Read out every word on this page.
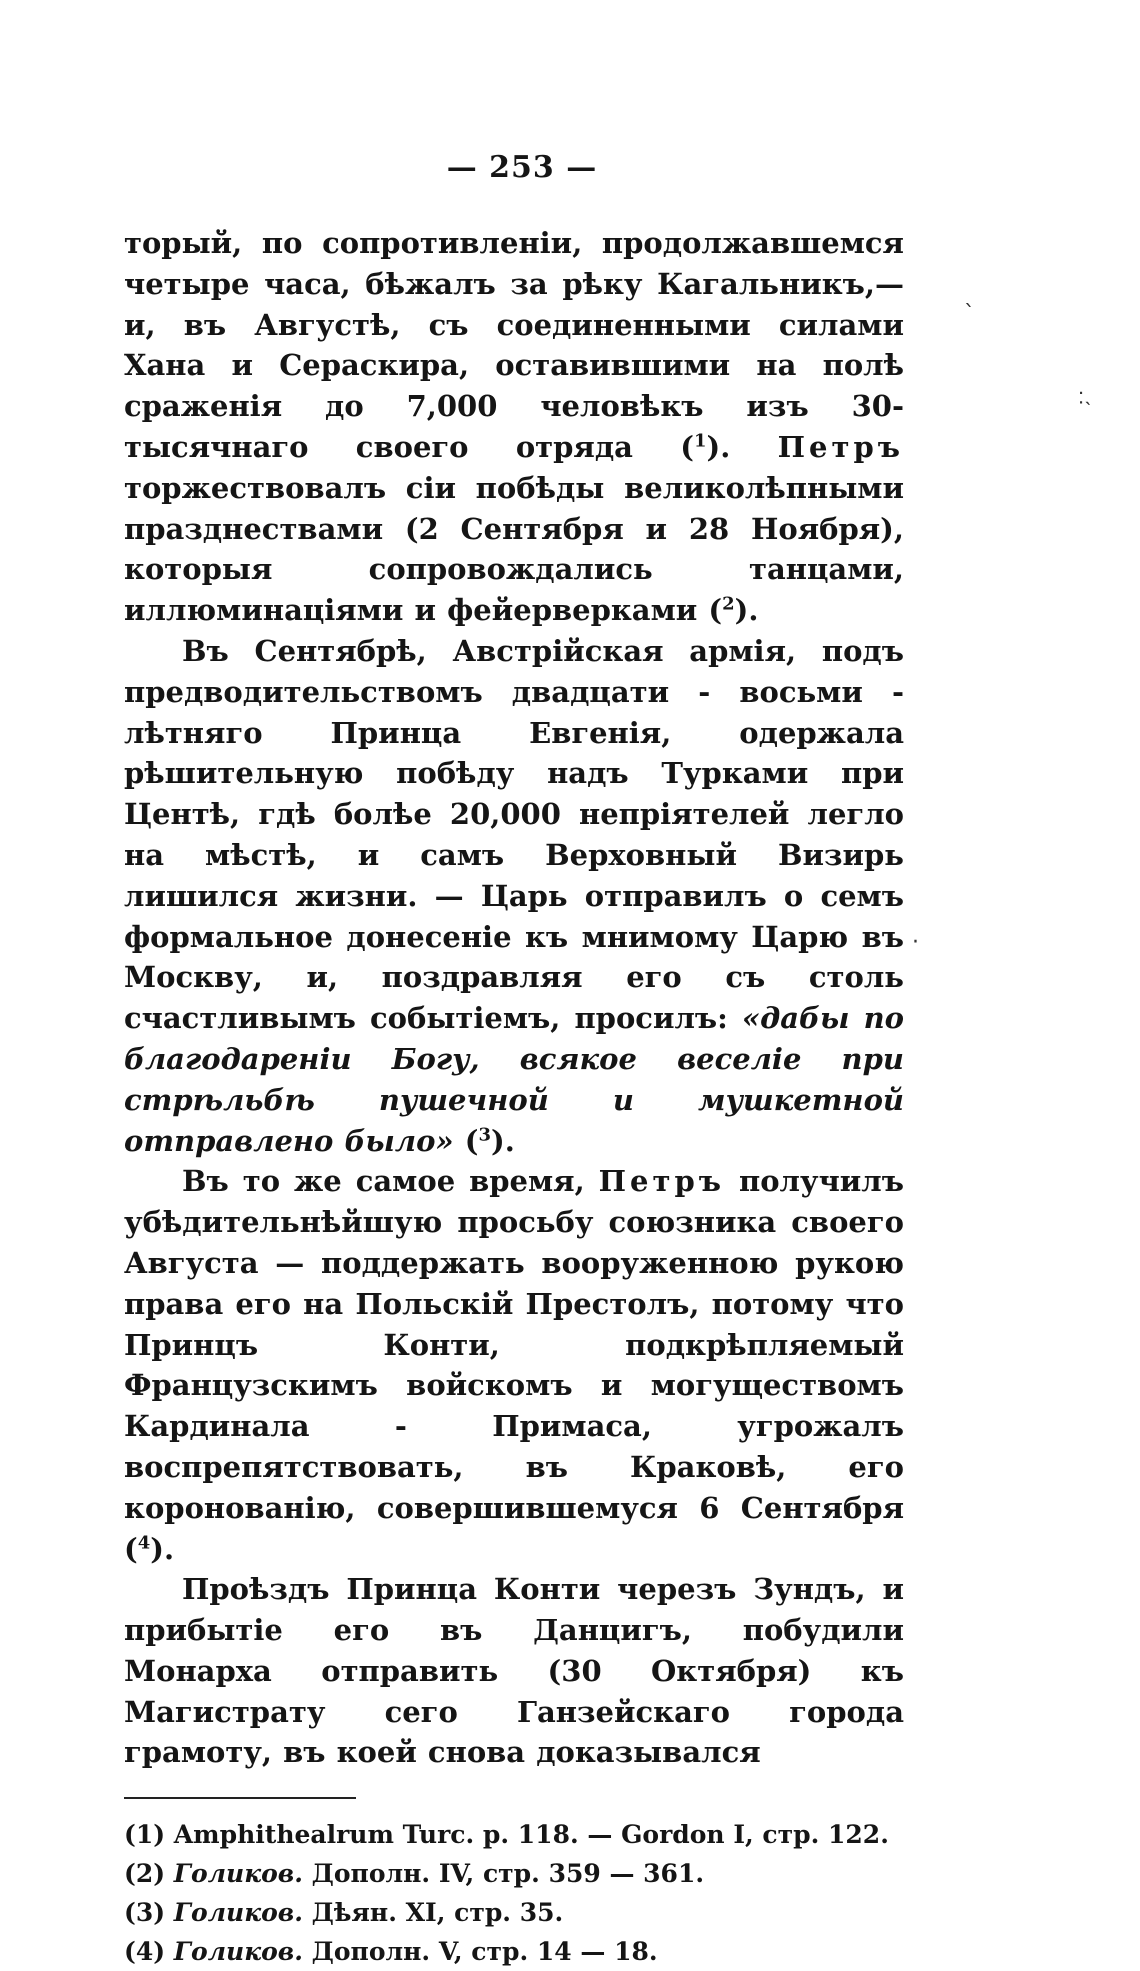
ˋ
˸˴
·
— 253 —

торый, по сопротивленіи, продолжавшемся четыре часа, бѣжалъ за рѣку Кагальникъ,— и, въ Августѣ, съ соединенными силами Хана и Сераскира, оставившими на полѣ сраженія до 7,000 человѣкъ изъ 30-тысячнаго своего отряда ($^1$). Петръ торжествовалъ сіи побѣды великолѣпными празднествами (2 Сентября и 28 Ноября), которыя сопровождались танцами, иллюминаціями и фейерверками ($^2$).

Въ Сентябрѣ, Австрійская армія, подъ предводительствомъ двадцати - восьми - лѣтняго Принца Евгенія, одержала рѣшительную побѣду надъ Турками при Центѣ, гдѣ болѣе 20,000 непріятелей легло на мѣстѣ, и самъ Верховный Визирь лишился жизни. — Царь отправилъ о семъ формальное донесеніе къ мнимому Царю въ Москву, и, поздравляя его съ столь счастливымъ событіемъ, просилъ: «дабы по благодареніи Богу, всякое веселіе при стрѣльбѣ пушечной и мушкетной отправлено было» ($^3$).

Въ то же самое время, Петръ получилъ убѣдительнѣйшую просьбу союзника своего Августа — поддержать вооруженною рукою права его на Польскій Престолъ, потому что Принцъ Конти, подкрѣпляемый Французскимъ войскомъ и могуществомъ Кардинала - Примаса, угрожалъ воспрепятствовать, въ Краковѣ, его коронованію, совершившемуся 6 Сентября ($^4$).

Проѣздъ Принца Конти черезъ Зундъ, и прибытіе его въ Данцигъ, побудили Монарха отправить (30 Октября) къ Магистрату сего Ганзейскаго города грамоту, въ коей снова доказывался

(1) Amphithealrum Turc. p. 118. — Gordon I, стр. 122.

(2) Голиков. Дополн. IV, стр. 359 — 361.

(3) Голиков. Дѣян. XI, стр. 35.

(4) Голиков. Дополн. V, стр. 14 — 18.
